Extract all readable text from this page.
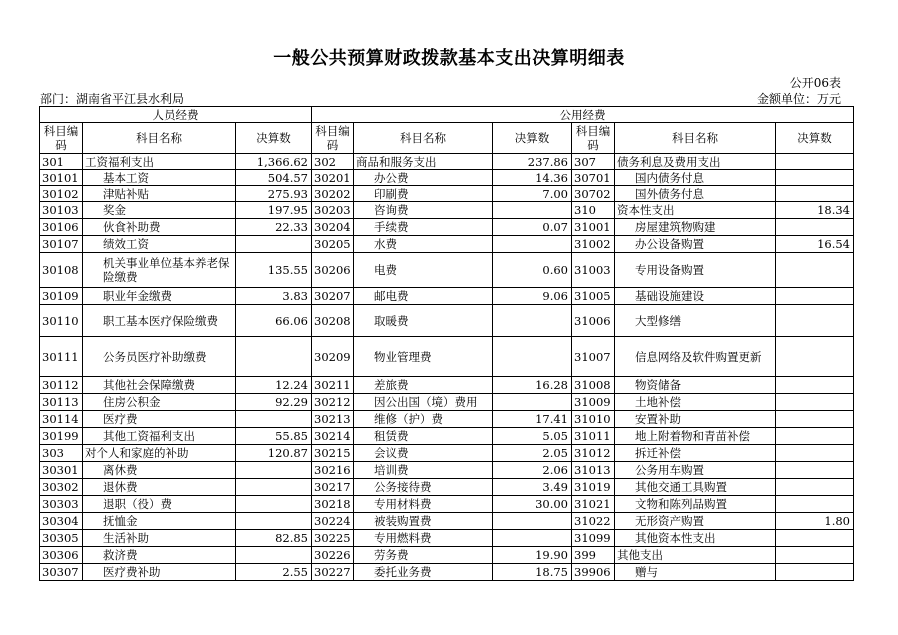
一般公共预算财政拨款基本支出决算明细表
公开06表
部门：湖南省平江县水利局	金额单位：万元
人员经费			公用经费					
科目编码	科目名称	决算数	科目编码	科目名称	决算数	科目编码	科目名称	决算数
301	工资福利支出	1,366.62	302	商品和服务支出	237.86	307	债务利息及费用支出	
30101	基本工资	504.57	30201	办公费	14.36	30701	国内债务付息	
30102	津贴补贴	275.93	30202	印刷费	7.00	30702	国外债务付息	
30103	奖金	197.95	30203	咨询费		310	资本性支出	18.34
30106	伙食补助费	22.33	30204	手续费	0.07	31001	房屋建筑物购建	
30107	绩效工资		30205	水费		31002	办公设备购置	16.54
30108	机关事业单位基本养老保险缴费	135.55	30206	电费	0.60	31003	专用设备购置	
30109	职业年金缴费	3.83	30207	邮电费	9.06	31005	基础设施建设	
30110	职工基本医疗保险缴费	66.06	30208	取暖费		31006	大型修缮	
30111	公务员医疗补助缴费		30209	物业管理费		31007	信息网络及软件购置更新	
30112	其他社会保障缴费	12.24	30211	差旅费	16.28	31008	物资储备	
30113	住房公积金	92.29	30212	因公出国（境）费用		31009	土地补偿	
30114	医疗费		30213	维修（护）费	17.41	31010	安置补助	
30199	其他工资福利支出	55.85	30214	租赁费	5.05	31011	地上附着物和青苗补偿	
303	对个人和家庭的补助	120.87	30215	会议费	2.05	31012	拆迁补偿	
30301	离休费		30216	培训费	2.06	31013	公务用车购置	
30302	退休费		30217	公务接待费	3.49	31019	其他交通工具购置	
30303	退职（役）费		30218	专用材料费	30.00	31021	文物和陈列品购置	
30304	抚恤金		30224	被装购置费		31022	无形资产购置	1.80
30305	生活补助	82.85	30225	专用燃料费		31099	其他资本性支出	
30306	救济费		30226	劳务费	19.90	399	其他支出	
30307	医疗费补助	2.55	30227	委托业务费	18.75	39906	赠与	
